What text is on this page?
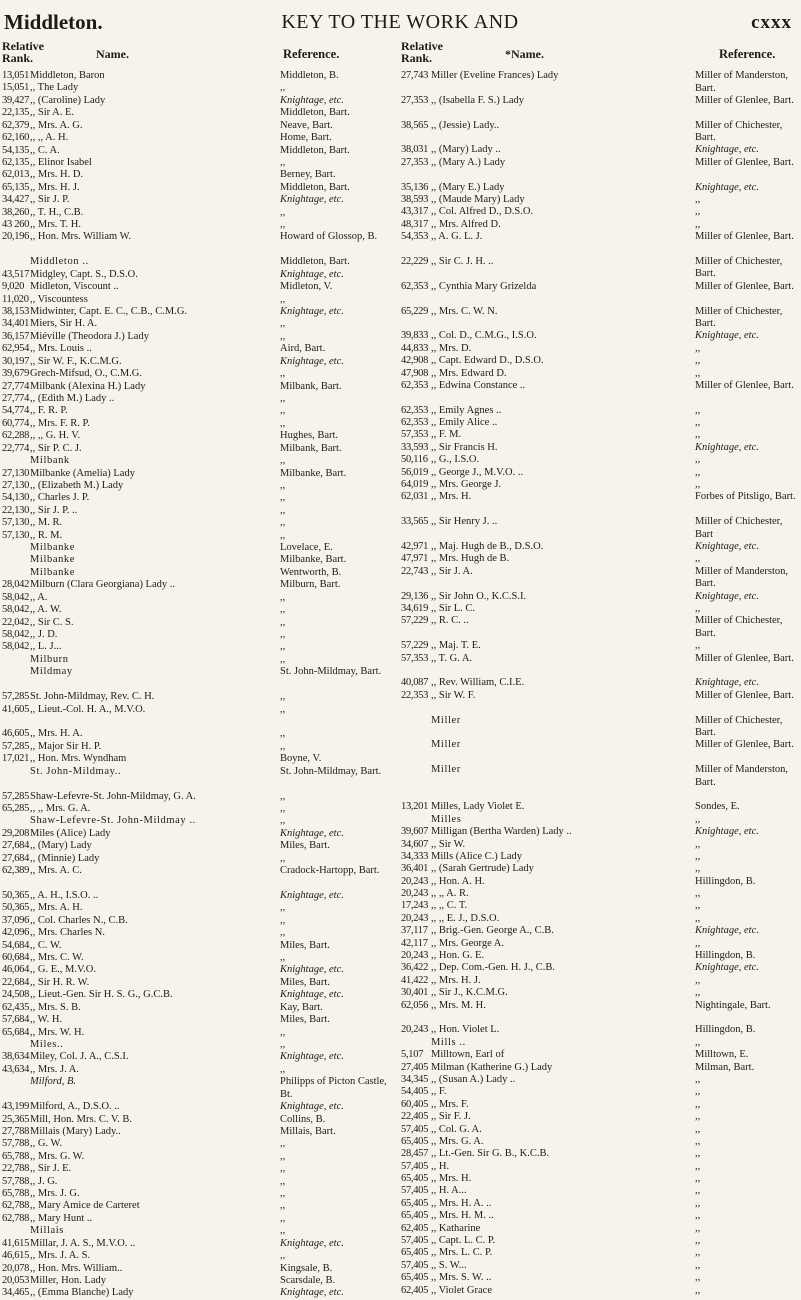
Middleton.	KEY TO THE WORK AND	cxxx
Relative Rank.	Name.	Reference.
13,051 Middleton, Baron	Middleton, B.
15,051 ,, The Lady	,,
39,427 ,, (Caroline) Lady	Knightage, etc.
22,135 ,, Sir A. E.	Middleton, Bart.
62,379 ,, Mrs. A. G.	Neave, Bart.
62,160 ,, ,, A. H.	Home, Bart.
54,135 ,, C. A.	Middleton, Bart.
62,135 ,, Elinor Isabel	,,
62,013 ,, Mrs. H. D.	Berney, Bart.
65,135 ,, Mrs. H. J.	Middleton, Bart.
34,427 ,, Sir J. P.	Knightage, etc.
38,260 ,, T. H., C.B.	,,
43 260 ,, Mrs. T. H.	,,
20,196 ,, Hon. Mrs. William W.	Howard of Glossop, B.
Middleton ..	Middleton, Bart.
43,517 Midgley, Capt. S., D.S.O.	Knightage, etc.
9,020 Midleton, Viscount ..	Midleton, V.
11,020 ,, Viscountess	,,
38,153 Midwinter, Capt. E. C., C.B., C.M.G.	Knightage, etc.
34,401 Miers, Sir H. A.	,,
36,157 Miéville (Theodora J.) Lady	,,
62,954 ,, Mrs. Louis ..	Aird, Bart.
30,197 ,, Sir W. F., K.C.M.G.	Knightage, etc.
39,679 Grech-Mifsud, O., C.M.G.	,,
27,774 Milbank (Alexina H.) Lady	Milbank, Bart.
27,774 ,, (Edith M.) Lady ..	,,
54,774 ,, F. R. P.	,,
60,774 ,, Mrs. F. R. P.	,,
62,288 ,, ,, G. H. V.	Hughes, Bart.
22,774 ,, Sir P. C. J.	Milbank, Bart.
Milbank	,,
27,130 Milbanke (Amelia) Lady	Milbanke, Bart.
27,130 ,, (Elizabeth M.) Lady	,,
54,130 ,, Charles J. P.	,,
22,130 ,, Sir J. P. ..	,,
57,130 ,, M. R.	,,
57,130 ,, R. M.	,,
Milbanke	Lovelace, E.
Milbanke	Milbanke, Bart.
Milbanke	Wentworth, B.
28,042 Milburn (Clara Georgiana) Lady ..	Milburn, Bart.
58,042 ,, A.	,,
58,042 ,, A. W.	,,
22,042 ,, Sir C. S.	,,
58,042 ,, J. D.	,,
58,042 ,, L. J...	,,
Milburn	,,
Mildmay	St. John-Mildmay, Bart.
57,285 St. John-Mildmay, Rev. C. H.	,,
41,605 ,, Lieut.-Col. H. A., M.V.O.	,,
46,605 ,, Mrs. H. A.	,,
57,285 ,, Major Sir H. P.	,,
17,021 ,, Hon. Mrs. Wyndham	Boyne, V.
St. John-Mildmay..	St. John-Mildmay, Bart.
57,285 Shaw-Lefevre-St. John-Mildmay, G. A.	,,
65,285 ,, ,, Mrs. G. A.	,,
Shaw-Lefevre-St. John-Mildmay ..	,,
29,208 Miles (Alice) Lady	Knightage, etc.
27,684 ,, (Mary) Lady	Miles, Bart.
27,684 ,, (Minnie) Lady	,,
62,389 ,, Mrs. A. C.	Cradock-Hartopp, Bart.
50,365 ,, A. H., I.S.O. ..	Knightage, etc.
50,365 ,, Mrs. A. H.	,,
37,096 ,, Col. Charles N., C.B.	,,
42,096 ,, Mrs. Charles N.	,,
54,684 ,, C. W.	Miles, Bart.
60,684 ,, Mrs. C. W.	,,
46,064 ,, G. E., M.V.O.	Knightage, etc.
22,684 ,, Sir H. R. W.	Miles, Bart.
24,508 ,, Lieut.-Gen. Sir H. S. G., G.C.B.	Knightage, etc.
62,435 ,, Mrs. S. B.	Kay, Bart.
57,684 ,, W. H.	Miles, Bart.
65,684 ,, Mrs. W. H.	,,
Miles..	,,
38,634 Miley, Col. J. A., C.S.I.	Knightage, etc.
43,634 ,, Mrs. J. A.	,,
Milford, B.	Philipps of Picton Castle, Bt.
43,199 Milford, A., D.S.O. ..	Knightage, etc.
25,365 Mill, Hon. Mrs. C. V. B.	Collins, B.
27,788 Millais (Mary) Lady..	Millais, Bart.
57,788 ,, G. W.	,,
65,788 ,, Mrs. G. W.	,,
22,788 ,, Sir J. E.	,,
57,788 ,, J. G.	,,
65,788 ,, Mrs. J. G.	,,
62,788 ,, Mary Amice de Carteret	,,
62,788 ,, Mary Hunt ..	,,
Millais	,,
41,615 Millar, J. A. S., M.V.O. ..	Knightage, etc.
46,615 ,, Mrs. J. A. S.	,,
20,078 ,, Hon. Mrs. William..	Kingsale, B.
20,053 Miller, Hon. Lady	Scarsdale, B.
34,465 ,, (Emma Blanche) Lady	Knightage, etc.
Relative Rank.	*Name.	Reference.
27,743 Miller (Eveline Frances) Lady	Miller of Manderston, Bart.
27,353 ,, (Isabella F. S.) Lady	Miller of Glenlee, Bart.
38,565 ,, (Jessie) Lady..	Miller of Chichester, Bart.
38,031 ,, (Mary) Lady ..	Knightage, etc.
27,353 ,, (Mary A.) Lady	Miller of Glenlee, Bart.
35,136 ,, (Mary E.) Lady	Knightage, etc.
38,593 ,, (Maude Mary) Lady	,,
43,317 ,, Col. Alfred D., D.S.O.	,,
48,317 ,, Mrs. Alfred D.	,,
54,353 ,, A. G. L. J.	Miller of Glenlee, Bart.
22,229 ,, Sir C. J. H. ..	Miller of Chichester, Bart.
62,353 ,, Cynthia Mary Grizelda	Miller of Glenlee, Bart.
65,229 ,, Mrs. C. W. N.	Miller of Chichester, Bart.
39,833 ,, Col. D., C.M.G., I.S.O.	Knightage, etc.
44,833 ,, Mrs. D.	,,
42,908 ,, Capt. Edward D., D.S.O.	,,
47,908 ,, Mrs. Edward D.	,,
62,353 ,, Edwina Constance ..	Miller of Glenlee, Bart.
62,353 ,, Emily Agnes ..	,,
62,353 ,, Emily Alice ..	,,
57,353 ,, F. M.	,,
33,593 ,, Sir Francis H.	Knightage, etc.
50,116 ,, G., I.S.O.	,,
56,019 ,, George J., M.V.O. ..	,,
64,019 ,, Mrs. George J.	,,
62,031 ,, Mrs. H.	Forbes of Pitsligo, Bart.
33,565 ,, Sir Henry J. ..	Miller of Chichester, Bart
42,971 ,, Maj. Hugh de B., D.S.O.	Knightage, etc.
47,971 ,, Mrs. Hugh de B.	,,
22,743 ,, Sir J. A.	Miller of Manderston, Bart.
29,136 ,, Sir John O., K.C.S.I.	Knightage, etc.
34,619 ,, Sir L. C.	,,
57,229 ,, R. C. ..	Miller of Chichester, Bart.
57,229 ,, Maj. T. E.	,,
57,353 ,, T. G. A.	Miller of Glenlee, Bart.
40,087 ,, Rev. William, C.I.E.	Knightage, etc.
22,353 ,, Sir W. F.	Miller of Glenlee, Bart.
Miller	Miller of Chichester, Bart.
Miller	Miller of Glenlee, Bart.
Miller	Miller of Manderston, Bart.
13,201 Milles, Lady Violet E.	Sondes, E.
Milles	,,
39,607 Milligan (Bertha Warden) Lady ..	Knightage, etc.
34,607 ,, Sir W.	,,
34,333 Mills (Alice C.) Lady	,,
36,401 ,, (Sarah Gertrude) Lady	,,
20,243 ,, Hon. A. H.	Hillingdon, B.
20,243 ,, ,, A. R.	,,
17,243 ,, ,, C. T.	,,
20,243 ,, ,, E. J., D.S.O.	,,
37,117 ,, Brig.-Gen. George A., C.B.	Knightage, etc.
42,117 ,, Mrs. George A.	,,
20,243 ,, Hon. G. E.	Hillingdon, B.
36,422 ,, Dep. Com.-Gen. H. J., C.B.	Knightage, etc.
41,422 ,, Mrs. H. J.	,,
30,401 ,, Sir J., K.C.M.G.	,,
62,056 ,, Mrs. M. H.	Nightingale, Bart.
20,243 ,, Hon. Violet L.	Hillingdon, B.
Mills ..	,,
5,107 Milltown, Earl of	Milltown, E.
27,405 Milman (Katherine G.) Lady	Milman, Bart.
34,345 ,, (Susan A.) Lady ..	,,
54,405 ,, F.	,,
60,405 ,, Mrs. F.	,,
22,405 ,, Sir F. J.	,,
57,405 ,, Col. G. A.	,,
65,405 ,, Mrs. G. A.	,,
28,457 ,, Lt.-Gen. Sir G. B., K.C.B.	,,
57,405 ,, H.	,,
65,405 ,, Mrs. H.	,,
57,405 ,, H. A...	,,
65,405 ,, Mrs. H. A. ..	,,
65,405 ,, Mrs. H. M. ..	,,
62,405 ,, Katharine	,,
57,405 ,, Capt. L. C. P.	,,
65,405 ,, Mrs. L. C. P.	,,
57,405 ,, S. W...	,,
65,405 ,, Mrs. S. W. ..	,,
62,405 ,, Violet Grace	,,
